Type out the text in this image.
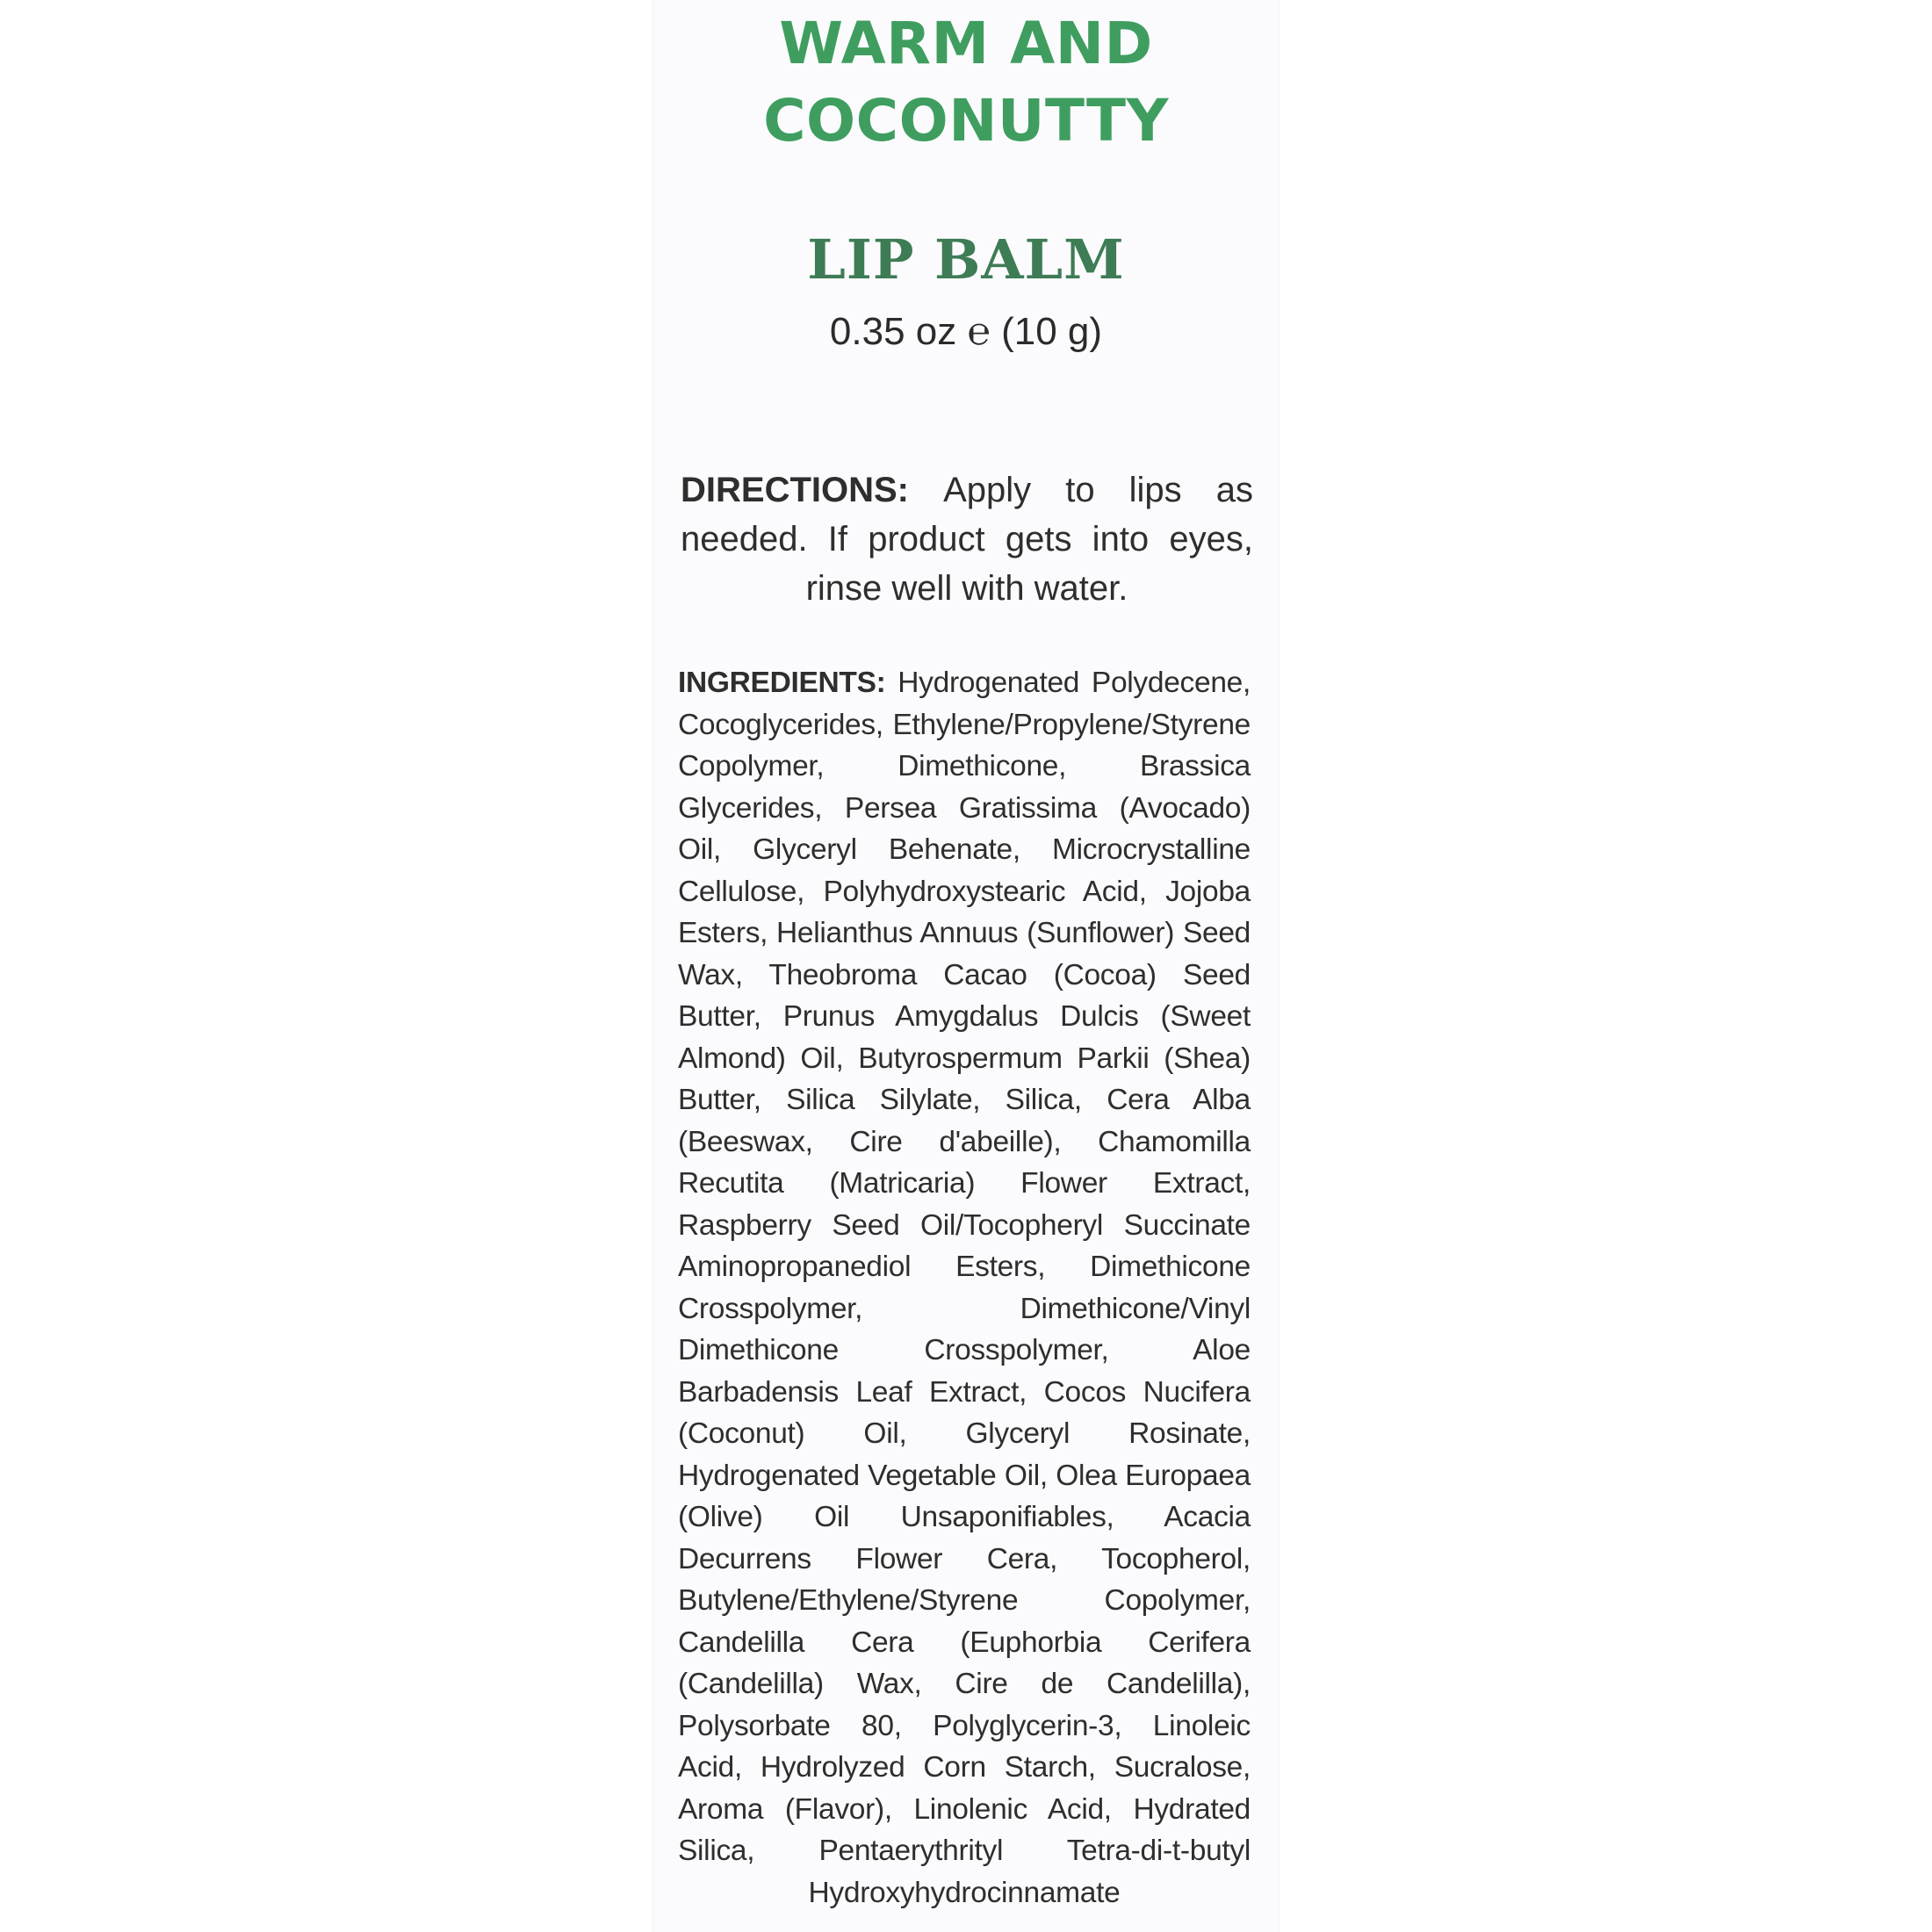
WARM AND
COCONUTTY
LIP BALM
0.35 oz ℮ (10 g)
DIRECTIONS: Apply to lips as needed. If product gets into eyes, rinse well with water.
INGREDIENTS: Hydrogenated Polydecene, Cocoglycerides, Ethylene/Propylene/Styrene Copolymer, Dimethicone, Brassica Glycerides, Persea Gratissima (Avocado) Oil, Glyceryl Behenate, Microcrystalline Cellulose, Polyhydroxystearic Acid, Jojoba Esters, Helianthus Annuus (Sunflower) Seed Wax, Theobroma Cacao (Cocoa) Seed Butter, Prunus Amygdalus Dulcis (Sweet Almond) Oil, Butyrospermum Parkii (Shea) Butter, Silica Silylate, Silica, Cera Alba (Beeswax, Cire d'abeille), Chamomilla Recutita (Matricaria) Flower Extract, Raspberry Seed Oil/Tocopheryl Succinate Aminopropanediol Esters, Dimethicone Crosspolymer, Dimethicone/Vinyl Dimethicone Crosspolymer, Aloe Barbadensis Leaf Extract, Cocos Nucifera (Coconut) Oil, Glyceryl Rosinate, Hydrogenated Vegetable Oil, Olea Europaea (Olive) Oil Unsaponifiables, Acacia Decurrens Flower Cera, Tocopherol, Butylene/Ethylene/Styrene Copolymer, Candelilla Cera (Euphorbia Cerifera (Candelilla) Wax, Cire de Candelilla), Polysorbate 80, Polyglycerin-3, Linoleic Acid, Hydrolyzed Corn Starch, Sucralose, Aroma (Flavor), Linolenic Acid, Hydrated Silica, Pentaerythrityl Tetra-di-t-butyl Hydroxyhydrocinnamate
